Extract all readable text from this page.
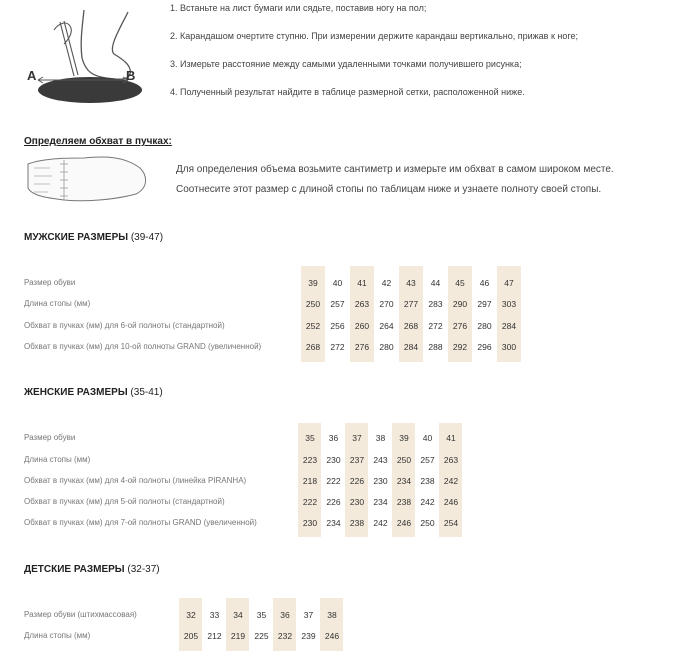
A	B
1. Встаньте на лист бумаги или сядьте, поставив ногу на пол;
2. Карандашом очертите ступню. При измерении держите карандаш вертикально, прижав к ноге;
3. Измерьте расстояние между самыми удаленными точками получившего рисунка;
4. Полученный результат найдите в таблице размерной сетки, расположенной ниже.
Определяем обхват в пучках:
Для определения объема возьмите сантиметр и измерьте им обхват в самом широком месте.
Соотнесите этот размер с длиной стопы по таблицам ниже и узнаете полноту своей стопы.
МУЖСКИЕ РАЗМЕРЫ (39-47)
ЖЕНСКИЕ РАЗМЕРЫ (35-41)
ДЕТСКИЕ РАЗМЕРЫ (32-37)
Размер обуви	39	40	41	42	43	44	45	46	47
Длина стопы (мм)	250	257	263	270	277	283	290	297	303
Обхват в пучках (мм) для 6-ой полноты (стандартной)	252	256	260	264	268	272	276	280	284
Обхват в пучках (мм) для 10-ой полноты GRAND (увеличенной)	268	272	276	280	284	288	292	296	300
Размер обуви	35	36	37	38	39	40	41
Длина стопы (мм)	223	230	237	243	250	257	263
Обхват в пучках (мм) для 4-ой полноты (линейка PIRANHA)	218	222	226	230	234	238	242
Обхват в пучках (мм) для 5-ой полноты (стандартной)	222	226	230	234	238	242	246
Обхват в пучках (мм) для 7-ой полноты GRAND (увеличенной)	230	234	238	242	246	250	254
Размер обуви (штихмассовая)	32	33	34	35	36	37	38
Длина стопы (мм)	205	212	219	225	232	239	246
